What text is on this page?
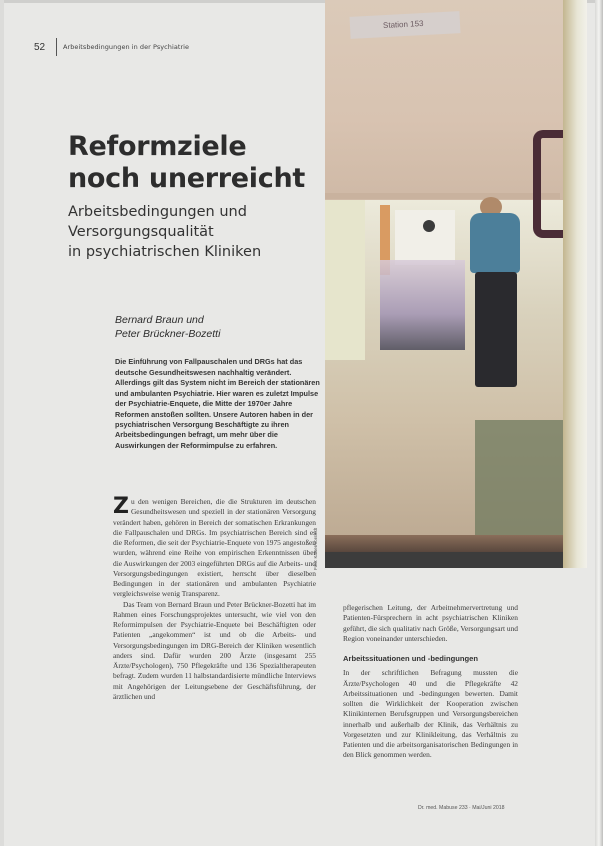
52	Arbeitsbedingungen in der Psychiatrie
Reformziele
noch unerreicht
Arbeitsbedingungen und
Versorgungsqualität
in psychiatrischen Kliniken
Bernard Braun und
Peter Brückner-Bozetti

Die Einführung von Fallpauschalen und DRGs hat das deutsche Gesundheitswesen nachhaltig verändert. Allerdings gilt das System nicht im Bereich der stationären und ambulanten Psychiatrie. Hier waren es zuletzt Impulse der Psychiatrie-Enquete, die Mitte der 1970er Jahre Reformen anstoßen sollten. Unsere Autoren haben in der psychiatrischen Versorgung Beschäftigte zu ihren Arbeitsbedingungen befragt, um mehr über die Auswirkungen der Reformimpulse zu erfahren.

Z u den wenigen Bereichen, die die Strukturen im deutschen Gesundheitswesen und speziell in der stationären Versorgung verändert haben, gehören in Bereich der somatischen Erkrankungen die Fallpauschalen und DRGs. Im psychiatrischen Bereich sind es die Reformen, die seit der Psychiatrie-Enquete von 1975 angestoßen wurden, während eine Reihe von empirischen Erkenntnissen über die Auswirkungen der 2003 eingeführten DRGs auf die Arbeits- und Versorgungsbedingungen existiert, herrscht über dieselben Bedingungen in der stationären und ambulanten Psychiatrie vergleichsweise wenig Transparenz.

Das Team von Bernard Braun und Peter Brückner-Bozetti hat im Rahmen eines Forschungsprojektes untersucht, wie viel von den Reformimpulsen der Psychiatrie-Enquete bei Beschäftigten oder Patienten „angekommen“ ist und ob die Arbeits- und Versorgungsbedingungen im DRG-Bereich der Kliniken wesentlich anders sind. Dafür wurden 200 Ärzte (insgesamt 255 Ärzte/Psychologen), 750 Pflegekräfte und 136 Spezialtherapeuten befragt. Zudem wurden 11 halbstandardisierte mündliche Interviews mit Angehörigen der Leitungsebene der Geschäftsführung, der ärztlichen und

pflegerischen Leitung, der Arbeitnehmervertretung und Patienten-Fürsprechern in acht psychiatrischen Kliniken geführt, die sich qualitativ nach Größe, Versorgungsart und Region voneinander unterschieden.

Arbeitssituationen und -bedingungen

In der schriftlichen Befragung mussten die Ärzte/Psychologen 40 und die Pflegekräfte 42 Arbeitssituationen und -bedingungen bewerten. Damit sollten die Wirklichkeit der Kooperation zwischen Klinikinternen Berufsgruppen und Versorgungsbereichen innerhalb und außerhalb der Klinik, das Verhältnis zu Vorgesetzten und zur Klinikleitung, das Verhältnis zu Patienten und die arbeitsorganisatorischen Bedingungen in den Blick genommen werden.

Station 153
Foto: Kaiser/Vorstedt
Dr. med. Mabuse 233 · Mai/Juni 2018
